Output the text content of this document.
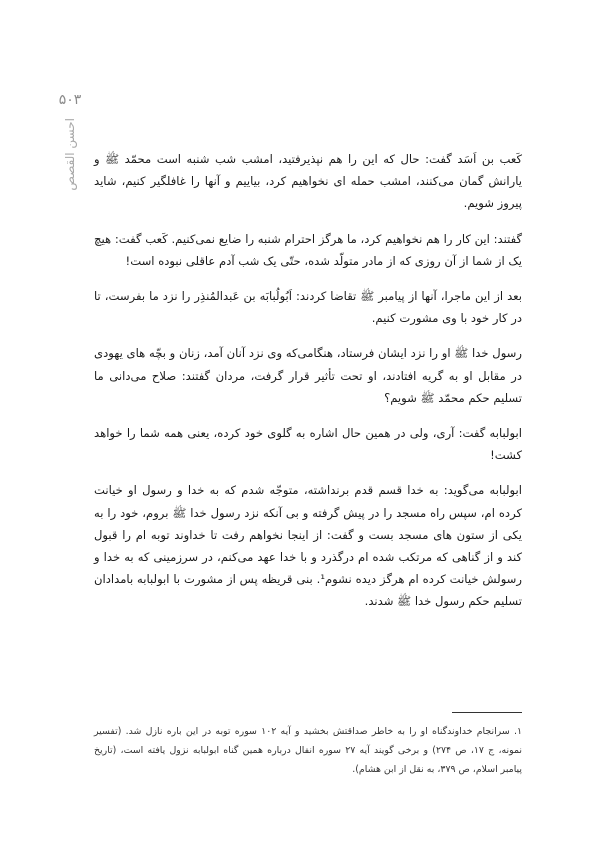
۵۰۳
احسن القصص کَعب بن اَسَد گفت: حال که این را هم نپذیرفتید، امشب شب شنبه است محمّد ﷺ و یارانش گمان می‌کنند، امشب حمله ای نخواهیم کرد، بیاییم و آنها را غافلگیر کنیم، شاید پیروز شویم.

گفتند: این کار را هم نخواهیم کرد، ما هرگز احترام شنبه را ضایع نمی‌کنیم. کَعب گفت: هیچ یک از شما از آن روزی که از مادر متولّد شده، حتّی یک شب آدم عاقلی نبوده است!

بعد از این ماجرا، آنها از پیامبر ﷺ تقاضا کردند: اَبُولُبابَه بن عَبدالمُنذِر را نزد ما بفرست، تا در کار خود با وی مشورت کنیم.

رسول خدا ﷺ او را نزد ایشان فرستاد، هنگامی‌که وی نزد آنان آمد، زنان و بچّه های یهودی در مقابل او به گریه افتادند، او تحت تأثیر قرار گرفت، مردان گفتند: صلاح می‌دانی ما تسلیم حکم محمّد ﷺ شویم؟

ابولبابه گفت: آری، ولی در همین حال اشاره به گلوی خود کرده، یعنی همه شما را خواهد کشت!

ابولبابه می‌گوید: به خدا قسم قدم برنداشته، متوجّه شدم که به خدا و رسول او خیانت کرده ام، سپس راه مسجد را در پیش گرفته و بی آنکه نزد رسول خدا ﷺ بروم، خود را به یکی از ستون های مسجد بست و گفت: از اینجا نخواهم رفت تا خداوند توبه ام را قبول کند و از گناهی که مرتکب شده ام درگذرد و با خدا عهد می‌کنم، در سرزمینی که به خدا و رسولش خیانت کرده ام هرگز دیده نشوم¹. بنی قریظه پس از مشورت با ابولبابه بامدادان تسلیم حکم رسول خدا ﷺ شدند.

۱. سرانجام خداوندگناه او را به خاطر صداقتش بخشید و آیه ۱۰۲ سوره توبه در این باره نازل شد. (تفسیر نمونه، ج ۱۷، ص ۲۷۴) و برخی گویند آیه ۲۷ سوره انفال درباره همین گناه ابولبابه نزول یافته است، (تاریخ پیامبر اسلام، ص ۳۷۹، به نقل از ابن هشام).
